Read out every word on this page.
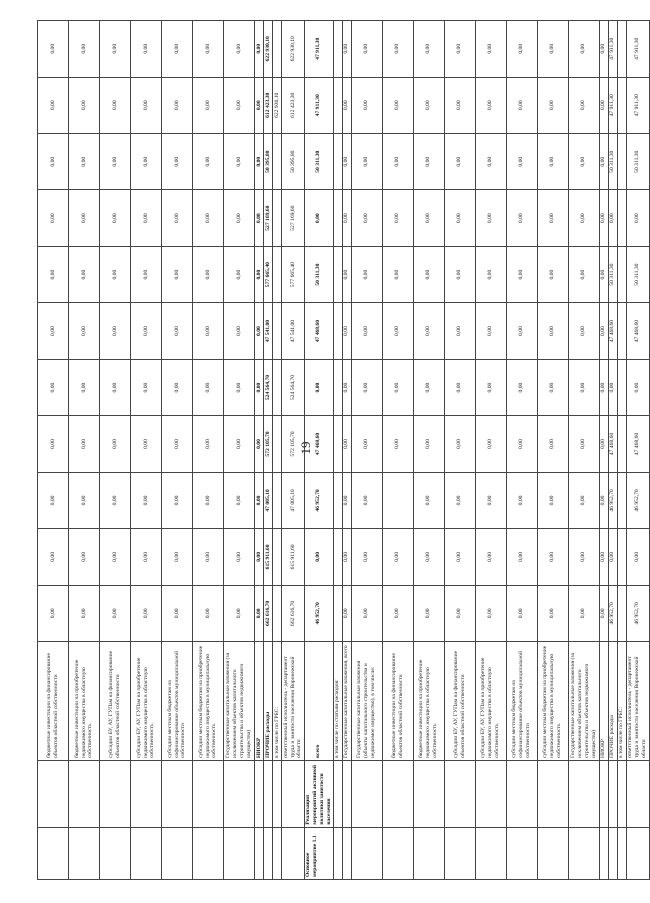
19
		бюджетные инвестиции на финансирование объектов областной собственности	0,00	0,00	0,00	0,00	0,00	0,00	0,00	0,00	0,00	0,00	0,00
		бюджетные инвестиции на приобретение недвижимого имущества в областную собственность	0,00	0,00	0,00	0,00	0,00	0,00	0,00	0,00	0,00	0,00	0,00
		субсидии БУ, АУ, ГУПам на финансирование объектов областной собственности	0,00	0,00	0,00	0,00	0,00	0,00	0,00	0,00	0,00	0,00	0,00
		субсидии БУ, АУ, ГУПам на приобретение недвижимого имущества в областную собственность	0,00	0,00	0,00	0,00	0,00	0,00	0,00	0,00	0,00	0,00	0,00
		субсидии местным бюджетам на софинансирование объектов муниципальной собственности	0,00	0,00	0,00	0,00	0,00	0,00	0,00	0,00	0,00	0,00	0,00
		субсидии местным бюджетам на приобретение недвижимого имущества в муниципальную собственность	0,00	0,00	0,00	0,00	0,00	0,00	0,00	0,00	0,00	0,00	0,00
		Государственные капитальные вложения (за исключением объектов капитального строительства и объектов недвижимого имущества)	0,00	0,00	0,00	0,00	0,00	0,00	0,00	0,00	0,00	0,00	0,00
		НИОКР	0,00	0,00	0,00	0,00	0,00	0,00	0,00	0,00	0,00	0,00	0,00
		ПРОЧИЕ расходы	662 616,70	615 911,60	47 005,10	572 105,70	524 564,70	47 541,00	577 665,40	527 169,60	50 395,80	612 423,30	622 930,10
		в том числе по ГРБС:										622 930,10	
		ответственный исполнитель - департамент труда и занятости населения Воронежской области	662 616,70	615 911,60	47 005,10	572 105,70	524 564,70	47 541,00	577 665,40	527 169,60	50 395,80	612 423,30	622 930,10
Основное мероприятие 1.1	Реализация мероприятий активной политики занятости населения	всего	46 952,70	0,00	46 952,70	47 468,60	0,00	47 468,60	50 311,30	0,00	50 311,30	47 911,30	47 911,30
		в том числе по статьям расходов:											
		Государственные капитальные вложения, всего	0,00	0,00	0,00	0,00	0,00	0,00	0,00	0,00	0,00	0,00	0,00
		Государственные капитальные вложения (объекты капитального строительства и недвижимое имущество), в том числе:	0,00	0,00	0,00	0,00	0,00	0,00	0,00	0,00	0,00	0,00	0,00
		бюджетные инвестиции на финансирование объектов областной собственности	0,00	0,00		0,00	0,00	0,00	0,00	0,00	0,00	0,00	0,00
		бюджетные инвестиции на приобретение недвижимого имущества в областную собственность	0,00	0,00	0,00	0,00	0,00	0,00	0,00	0,00	0,00	0,00	0,00
		субсидии БУ, АУ, ГУПам на финансирование объектов областной собственности	0,00	0,00	0,00	0,00	0,00	0,00	0,00	0,00	0,00	0,00	0,00
		субсидии БУ, АУ, ГУПам на приобретение недвижимого имущества в областную собственность	0,00	0,00	0,00	0,00	0,00	0,00	0,00	0,00	0,00	0,00	0,00
		субсидии местным бюджетам на софинансирование объектов муниципальной собственности	0,00	0,00	0,00	0,00	0,00	0,00	0,00	0,00	0,00	0,00	0,00
		субсидии местным бюджетам на приобретение недвижимого имущества в муниципальную собственность	0,00	0,00	0,00	0,00	0,00	0,00	0,00	0,00	0,00	0,00	0,00
		Государственные капитальные вложения (за исключением объектов капитального строительства и объектов недвижимого имущества)	0,00	0,00	0,00	0,00	0,00	0,00	0,00	0,00	0,00	0,00	0,00
		НИОКР	0,00	0,00	0,00	0,00	0,00	0,00	0,00	0,00	0,00	0,00	0,00
		ПРОЧИЕ расходы	46 952,70	0,00	46 952,70	47 468,60	0,00	47 468,60	50 311,30	0,00	50 311,30	47 911,30	47 911,30
		в том числе по ГРБС:											
		ответственный исполнитель - департамент труда и занятости населения Воронежской области	46 952,70	0,00	46 952,70	47 468,60	0,00	47 468,60	50 311,30	0,00	50 311,30	47 911,30	47 911,30
